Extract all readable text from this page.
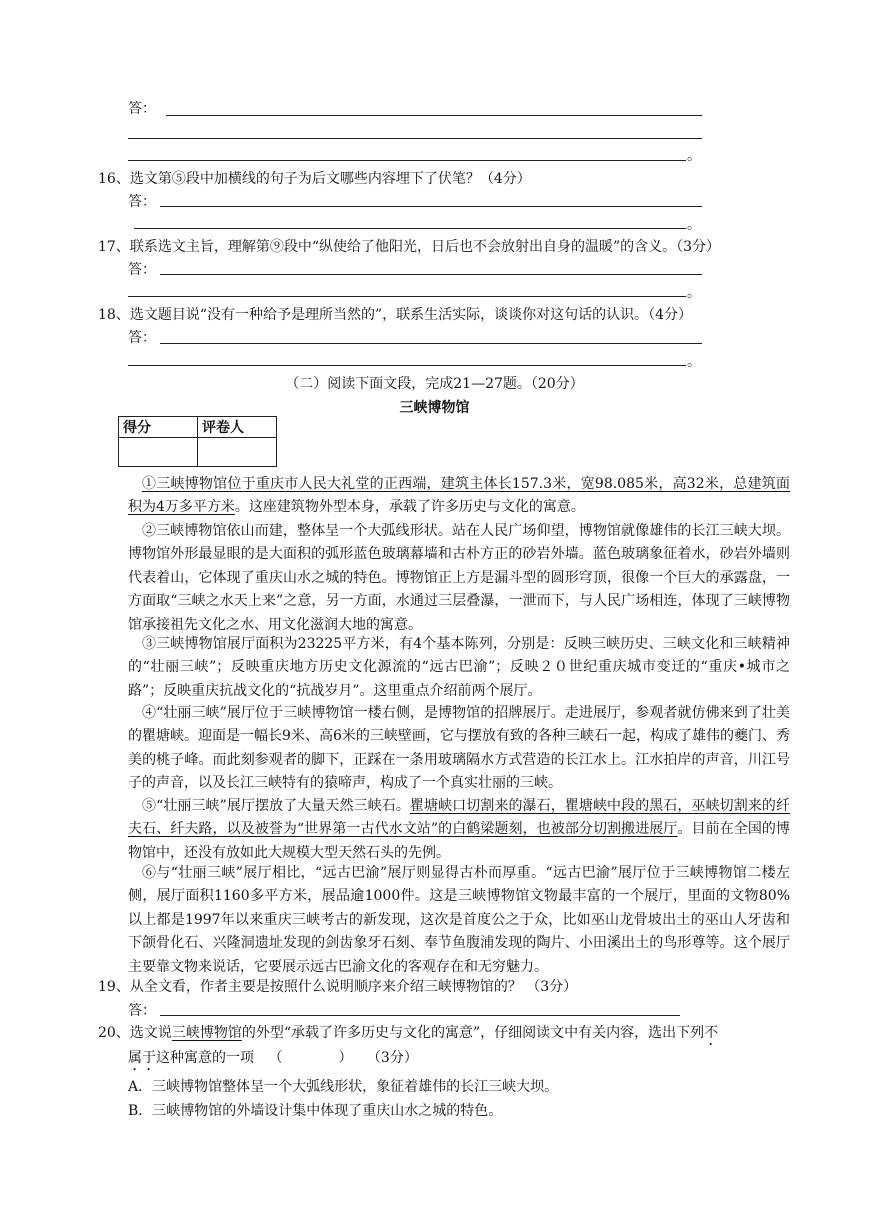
答：
。
16、选文第⑤段中加横线的句子为后文哪些内容埋下了伏笔？（4分）
答：
。
17、联系选文主旨，理解第⑨段中“纵使给了他阳光，日后也不会放射出自身的温暖”的含义。（3分）
答：
。
18、选文题目说“没有一种给予是理所当然的”，联系生活实际，谈谈你对这句话的认识。（4分）
答：
。
（二）阅读下面文段，完成21—27题。（20分）
三峡博物馆
得分	评卷人

①三峡博物馆位于重庆市人民大礼堂的正西端，建筑主体长157.3米，宽98.085米，高32米，总建筑面积为4万多平方米。这座建筑物外型本身，承载了许多历史与文化的寓意。
②三峡博物馆依山而建，整体呈一个大弧线形状。站在人民广场仰望，博物馆就像雄伟的长江三峡大坝。博物馆外形最显眼的是大面积的弧形蓝色玻璃幕墙和古朴方正的砂岩外墙。蓝色玻璃象征着水，砂岩外墙则代表着山，它体现了重庆山水之城的特色。博物馆正上方是漏斗型的圆形穹顶，很像一个巨大的承露盘，一方面取“三峡之水天上来”之意，另一方面，水通过三层叠瀑，一泄而下，与人民广场相连，体现了三峡博物馆承接祖先文化之水、用文化滋润大地的寓意。
③三峡博物馆展厅面积为23225平方米，有4个基本陈列，分别是：反映三峡历史、三峡文化和三峡精神的“壮丽三峡”；反映重庆地方历史文化源流的“远古巴渝”；反映２０世纪重庆城市变迁的“重庆•城市之路”；反映重庆抗战文化的“抗战岁月”。这里重点介绍前两个展厅。
④“壮丽三峡”展厅位于三峡博物馆一楼右侧，是博物馆的招牌展厅。走进展厅，参观者就仿佛来到了壮美的瞿塘峡。迎面是一幅长9米、高6米的三峡壁画，它与摆放有致的各种三峡石一起，构成了雄伟的夔门、秀美的桃子峰。而此刻参观者的脚下，正踩在一条用玻璃隔水方式营造的长江水上。江水拍岸的声音，川江号子的声音，以及长江三峡特有的猿啼声，构成了一个真实壮丽的三峡。
⑤“壮丽三峡”展厅摆放了大量天然三峡石。瞿塘峡口切割来的瀑石，瞿塘峡中段的黑石，巫峡切割来的纤夫石、纤夫路，以及被誉为“世界第一古代水文站”的白鹤梁题刻，也被部分切割搬进展厅。目前在全国的博物馆中，还没有放如此大规模大型天然石头的先例。
⑥与“壮丽三峡”展厅相比，“远古巴渝”展厅则显得古朴而厚重。“远古巴渝”展厅位于三峡博物馆二楼左侧，展厅面积1160多平方米，展品逾1000件。这是三峡博物馆文物最丰富的一个展厅，里面的文物80%以上都是1997年以来重庆三峡考古的新发现，这次是首度公之于众，比如巫山龙骨坡出土的巫山人牙齿和下颌骨化石、兴隆洞遗址发现的剑齿象牙石刻、奉节鱼腹浦发现的陶片、小田溪出土的鸟形尊等。这个展厅主要靠文物来说话，它要展示远古巴渝文化的客观存在和无穷魅力。
19、从全文看，作者主要是按照什么说明顺序来介绍三峡博物馆的？ （3分）
答：
20、选文说三峡博物馆的外型“承载了许多历史与文化的寓意”，仔细阅读文中有关内容，选出下列不
属于这种寓意的一项 （　　　　） （3分）
A．三峡博物馆整体呈一个大弧线形状，象征着雄伟的长江三峡大坝。
B．三峡博物馆的外墙设计集中体现了重庆山水之城的特色。
